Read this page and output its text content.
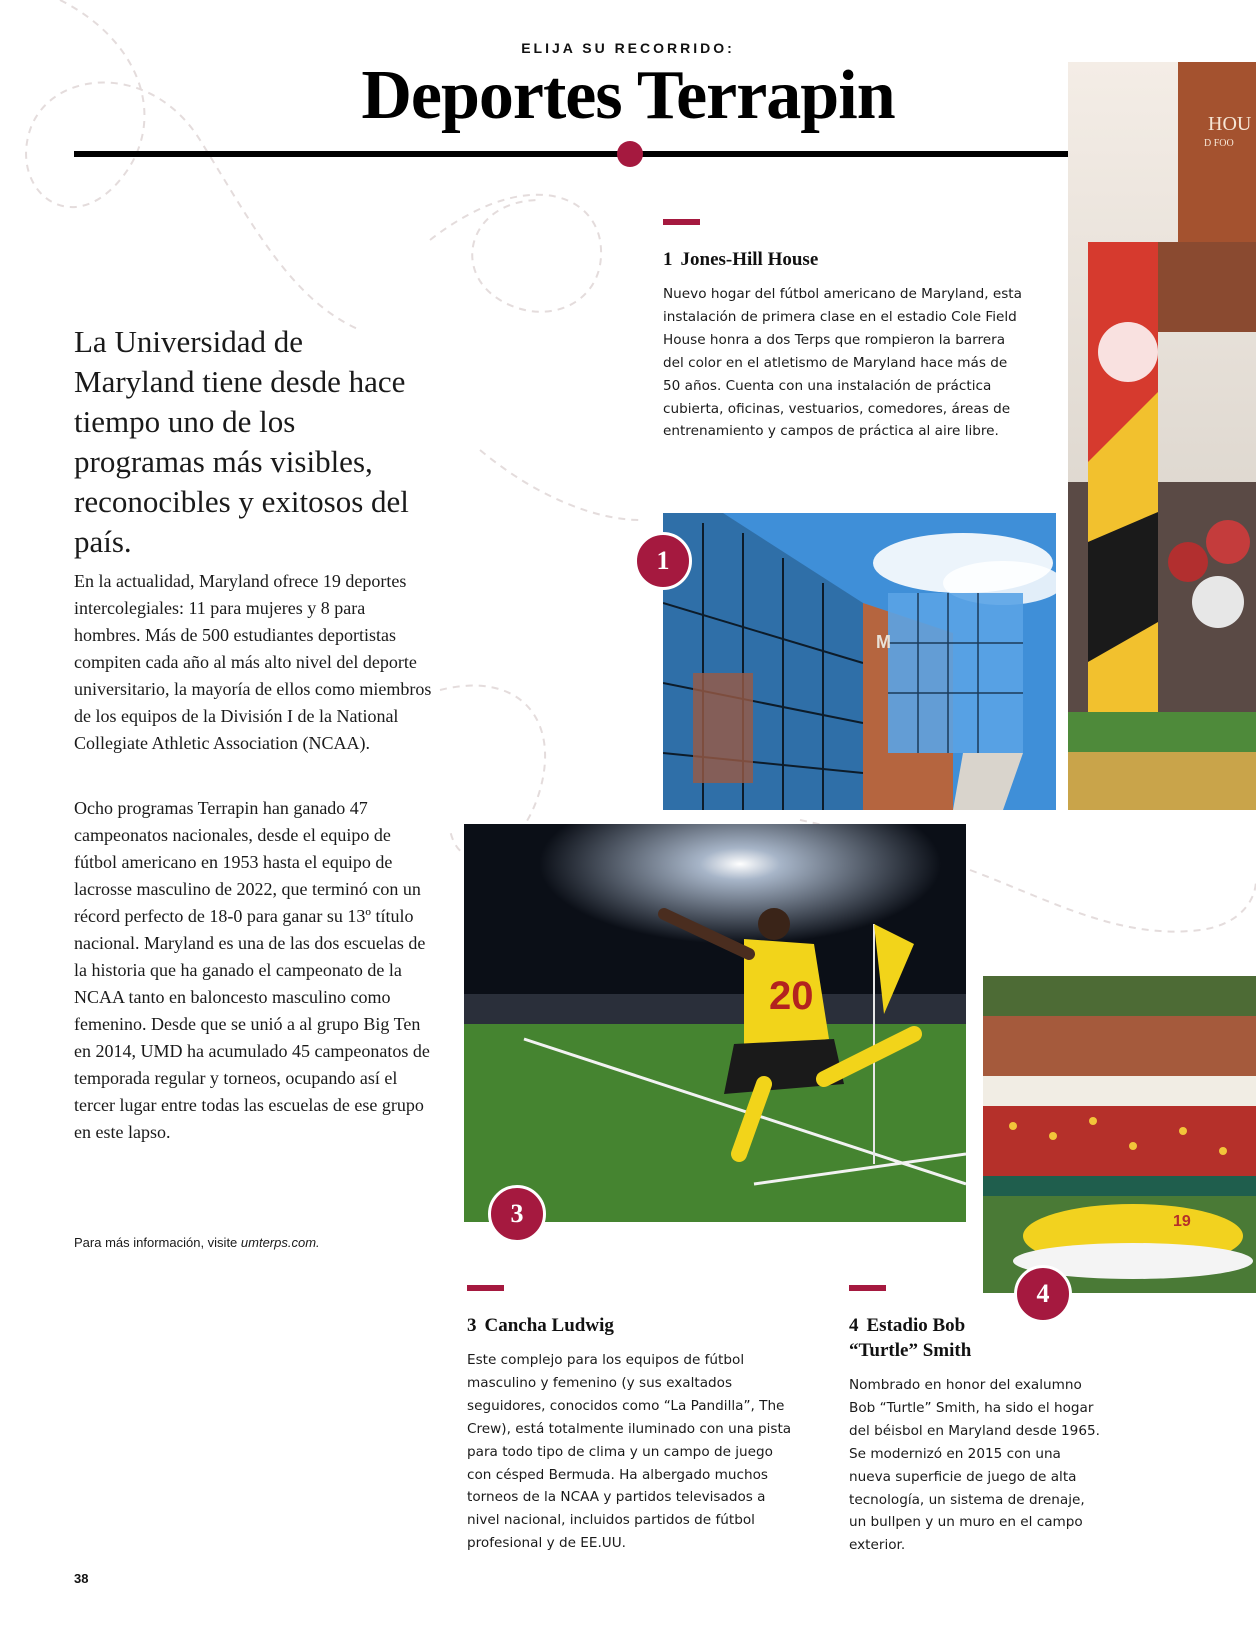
ELIJA SU RECORRIDO:
Deportes Terrapin
La Universidad de Maryland tiene desde hace tiempo uno de los programas más visibles, reconocibles y exitosos del país.

En la actualidad, Maryland ofrece 19 deportes intercolegiales: 11 para mujeres y 8 para hombres. Más de 500 estudiantes deportistas compiten cada año al más alto nivel del deporte universitario, la mayoría de ellos como miembros de los equipos de la División I de la National Collegiate Athletic Association (NCAA).

Ocho programas Terrapin han ganado 47 campeonatos nacionales, desde el equipo de fútbol americano en 1953 hasta el equipo de lacrosse masculino de 2022, que terminó con un récord perfecto de 18-0 para ganar su 13º título nacional. Maryland es una de las dos escuelas de la historia que ha ganado el campeonato de la NCAA tanto en baloncesto masculino como femenino. Desde que se unió a al grupo Big Ten en 2014, UMD ha acumulado 45 campeonatos de temporada regular y torneos, ocupando así el tercer lugar entre todas las escuelas de ese grupo en este lapso.

Para más información, visite umterps.com.
1 Jones-Hill House

Nuevo hogar del fútbol americano de Maryland, esta instalación de primera clase en el estadio Cole Field House honra a dos Terps que rompieron la barrera del color en el atletismo de Maryland hace más de 50 años. Cuenta con una instalación de práctica cubierta, oficinas, vestuarios, comedores, áreas de entrenamiento y campos de práctica al aire libre.

HOU
D FOO
M
1
20
3	19
4
3 Cancha Ludwig

Este complejo para los equipos de fútbol masculino y femenino (y sus exaltados seguidores, conocidos como “La Pandilla”, The Crew), está totalmente iluminado con una pista para todo tipo de clima y un campo de juego con césped Bermuda. Ha albergado muchos torneos de la NCAA y partidos televisados a nivel nacional, incluidos partidos de fútbol profesional y de EE.UU.

4 Estadio Bob “Turtle” Smith

Nombrado en honor del exalumno Bob “Turtle” Smith, ha sido el hogar del béisbol en Maryland desde 1965. Se modernizó en 2015 con una nueva superficie de juego de alta tecnología, un sistema de drenaje, un bullpen y un muro en el campo exterior.

38
